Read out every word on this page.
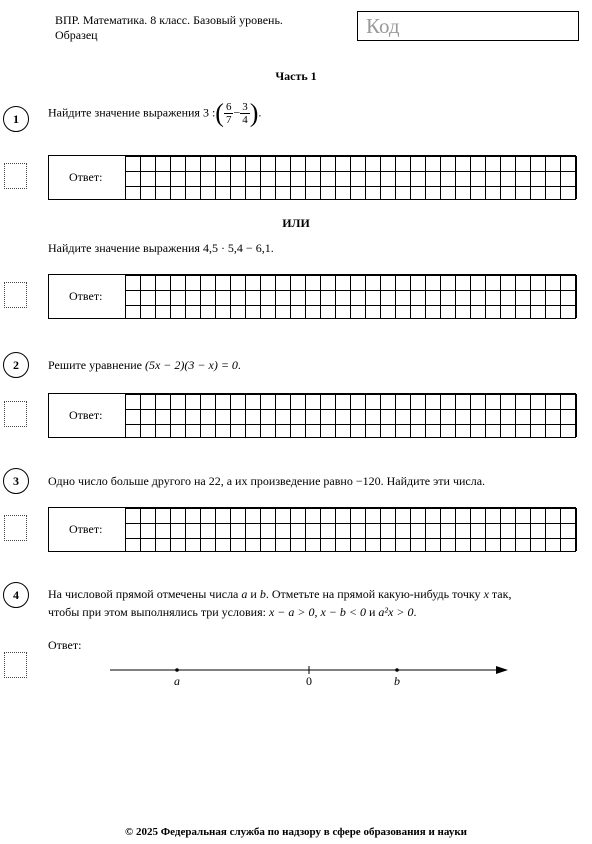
ВПР. Математика. 8 класс. Базовый уровень.
Образец	Код
Часть 1
1	Найдите значение выражения 3 :( $\frac{6}{7} - \frac{3}{4}$ ).
Ответ:
ИЛИ
Найдите значение выражения 4,5 · 5,4 − 6,1.
Ответ:
2	Решите уравнение (5x − 2)(3 − x) = 0.
Ответ:
3	Одно число больше другого на 22, а их произведение равно −120. Найдите эти числа.
Ответ:
4	На числовой прямой отмечены числа a и b. Отметьте на прямой какую-нибудь точку x так,
чтобы при этом выполнялись три условия: x − a > 0, x − b < 0 и a²x > 0.
Ответ:
a	0	b
© 2025 Федеральная служба по надзору в сфере образования и науки
